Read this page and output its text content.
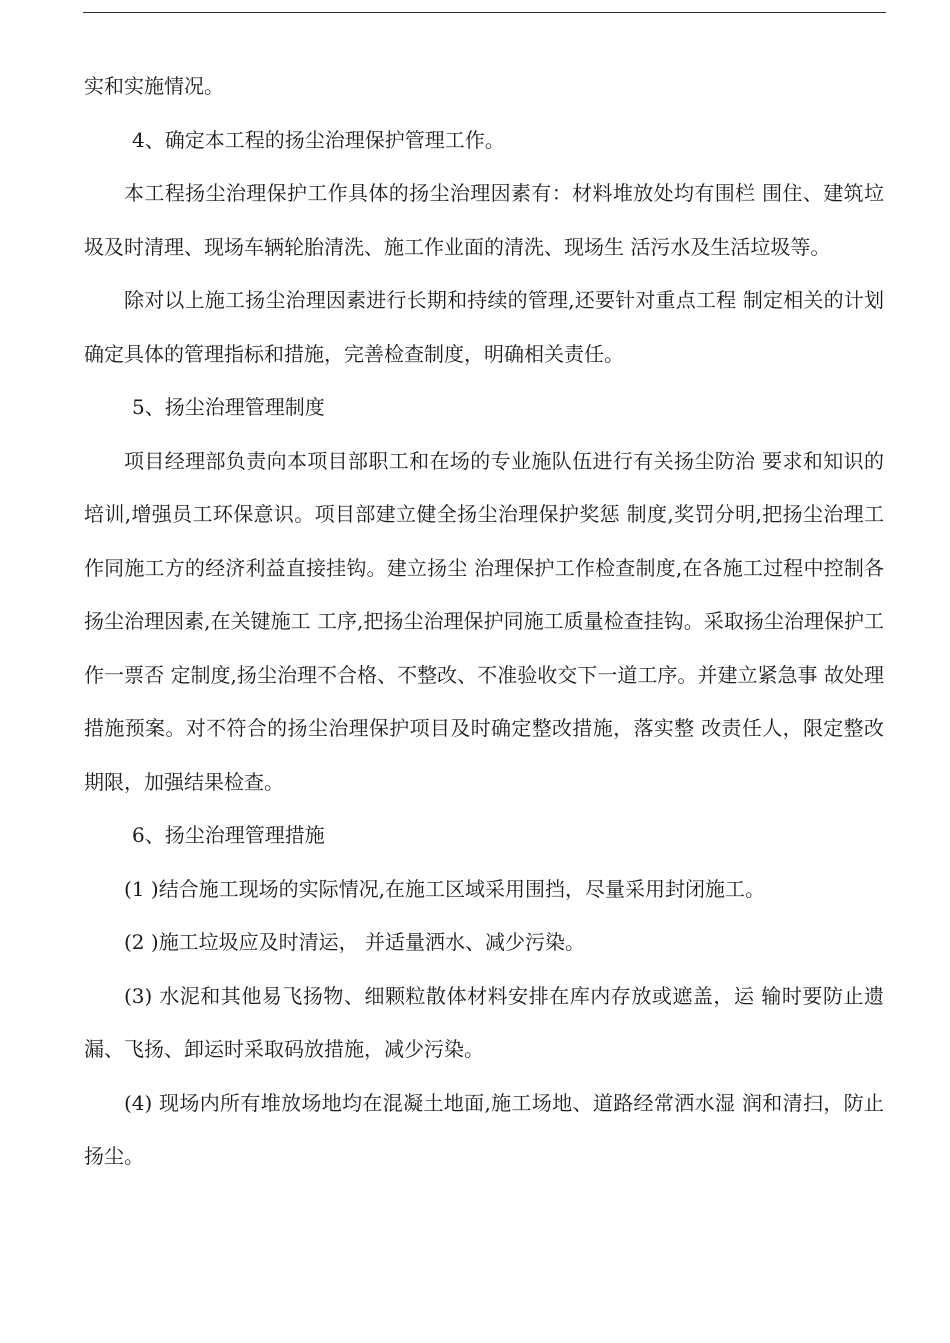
实和实施情况。

4、确定本工程的扬尘治理保护管理工作。

本工程扬尘治理保护工作具体的扬尘治理因素有：材料堆放处均有围栏 围住、建筑垃圾及时清理、现场车辆轮胎清洗、施工作业面的清洗、现场生 活污水及生活垃圾等。

除对以上施工扬尘治理因素进行长期和持续的管理,还要针对重点工程 制定相关的计划确定具体的管理指标和措施，完善检查制度，明确相关责任。

5、扬尘治理管理制度

项目经理部负责向本项目部职工和在场的专业施队伍进行有关扬尘防治 要求和知识的培训,增强员工环保意识。项目部建立健全扬尘治理保护奖惩 制度,奖罚分明,把扬尘治理工作同施工方的经济利益直接挂钩。建立扬尘 治理保护工作检查制度,在各施工过程中控制各扬尘治理因素,在关键施工 工序,把扬尘治理保护同施工质量检查挂钩。采取扬尘治理保护工作一票否 定制度,扬尘治理不合格、不整改、不准验收交下一道工序。并建立紧急事 故处理措施预案。对不符合的扬尘治理保护项目及时确定整改措施，落实整 改责任人，限定整改期限，加强结果检查。

6、扬尘治理管理措施

(1 )结合施工现场的实际情况,在施工区域采用围挡，尽量采用封闭施工。

(2 )施工垃圾应及时清运， 并适量洒水、减少污染。

(3) 水泥和其他易飞扬物、细颗粒散体材料安排在库内存放或遮盖，运 输时要防止遗漏、飞扬、卸运时采取码放措施，减少污染。

(4) 现场内所有堆放场地均在混凝土地面,施工场地、道路经常洒水湿 润和清扫，防止扬尘。
